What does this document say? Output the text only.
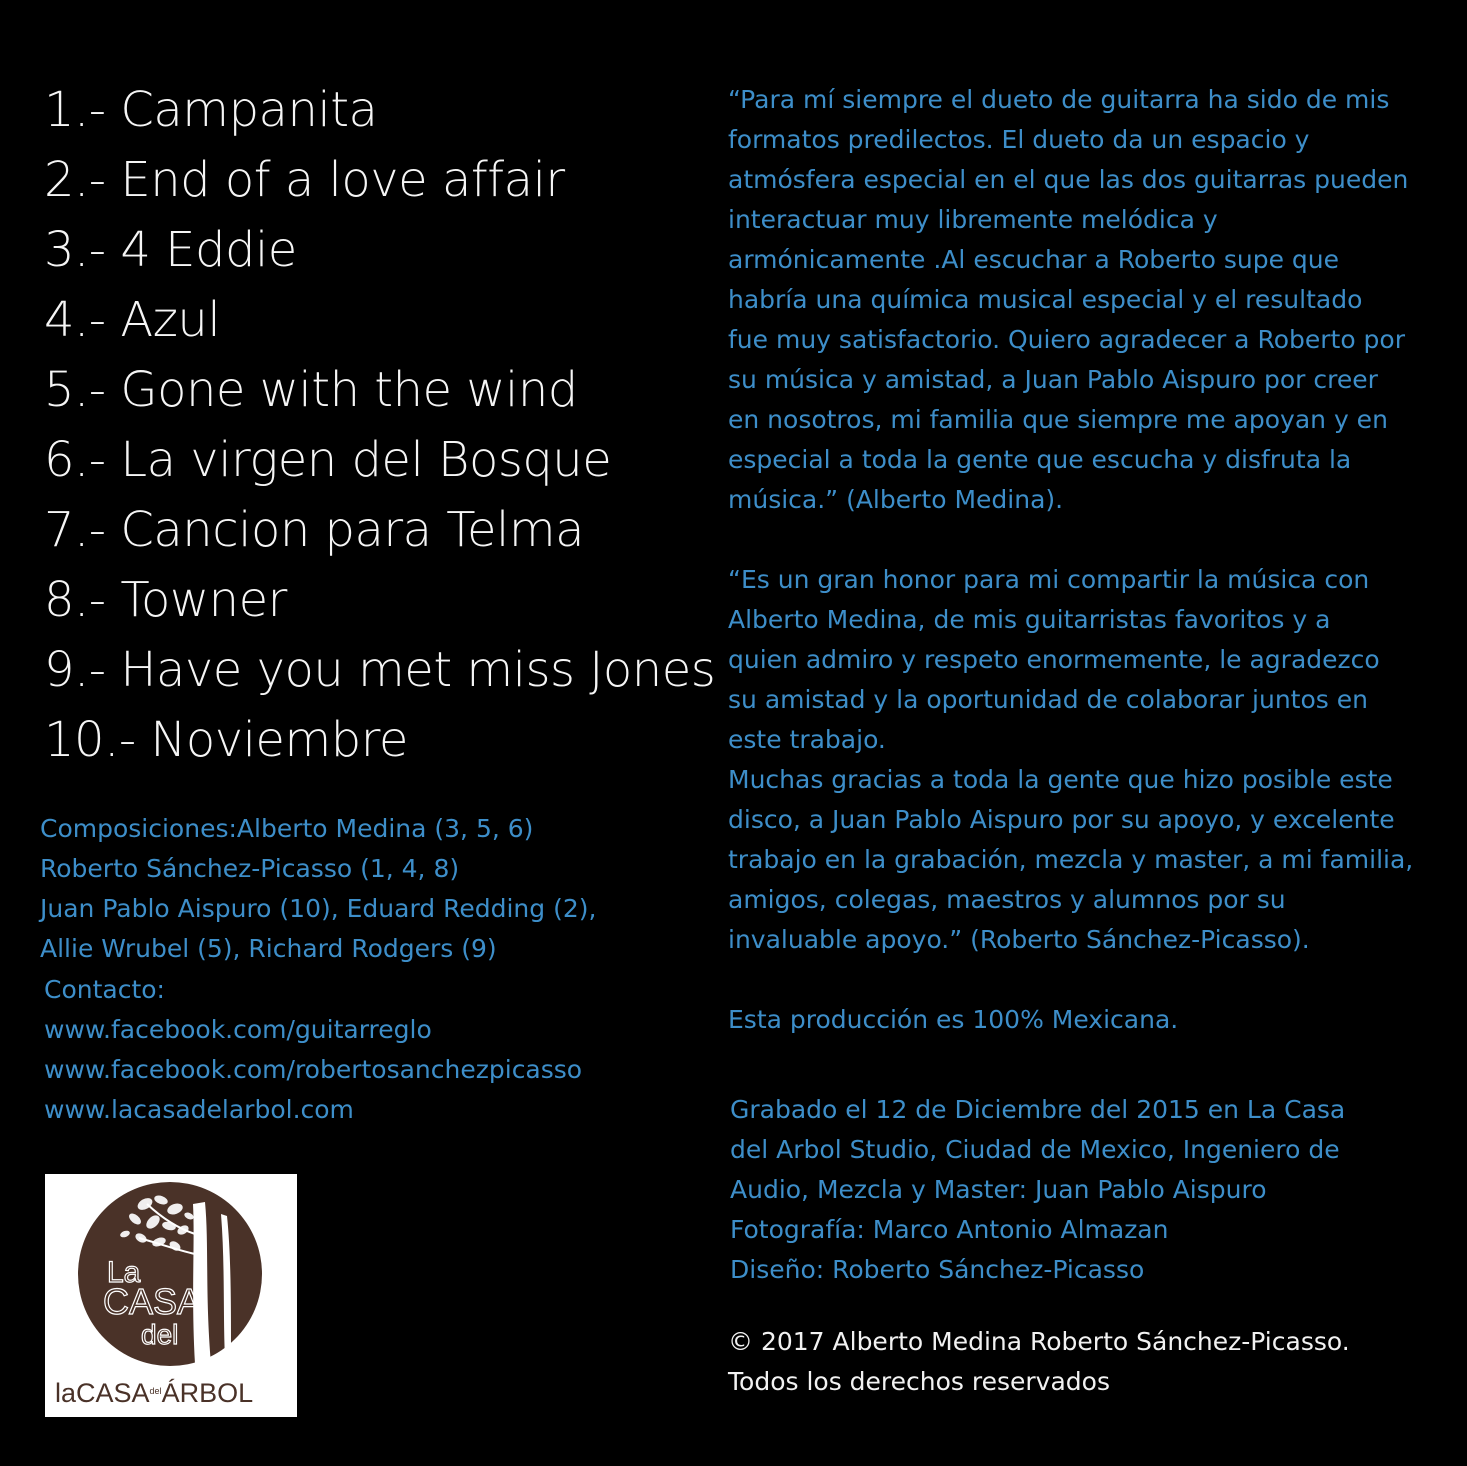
1.- Campanita
2.- End of a love affair
3.- 4 Eddie
4.- Azul
5.- Gone with the wind
6.- La virgen del Bosque
7.- Cancion para Telma
8.- Towner
9.- Have you met miss Jones
10.- Noviembre
Composiciones:Alberto Medina (3, 5, 6)
Roberto Sánchez-Picasso (1, 4, 8)
Juan Pablo Aispuro (10), Eduard Redding (2),
Allie Wrubel (5), Richard Rodgers (9)
Contacto:
www.facebook.com/guitarreglo
www.facebook.com/robertosanchezpicasso
www.lacasadelarbol.com
La
CASA
del
laCASA$^{del}$ÁRBOL
“Para mí siempre el dueto de guitarra ha sido de mis
formatos predilectos. El dueto da un espacio y
atmósfera especial en el que las dos guitarras pueden
interactuar muy libremente melódica y
armónicamente .Al escuchar a Roberto supe que
habría una química musical especial y el resultado
fue muy satisfactorio. Quiero agradecer a Roberto por
su música y amistad, a Juan Pablo Aispuro por creer
en nosotros, mi familia que siempre me apoyan y en
especial a toda la gente que escucha y disfruta la
música.” (Alberto Medina).
“Es un gran honor para mi compartir la música con
Alberto Medina, de mis guitarristas favoritos y a
quien admiro y respeto enormemente, le agradezco
su amistad y la oportunidad de colaborar juntos en
este trabajo.
Muchas gracias a toda la gente que hizo posible este
disco, a Juan Pablo Aispuro por su apoyo, y excelente
trabajo en la grabación, mezcla y master, a mi familia,
amigos, colegas, maestros y alumnos por su
invaluable apoyo.” (Roberto Sánchez-Picasso).
Esta producción es 100% Mexicana.
Grabado el 12 de Diciembre del 2015 en La Casa
del Arbol Studio, Ciudad de Mexico, Ingeniero de
Audio, Mezcla y Master: Juan Pablo Aispuro
Fotografía: Marco Antonio Almazan
Diseño: Roberto Sánchez-Picasso
© 2017 Alberto Medina Roberto Sánchez-Picasso.
Todos los derechos reservados
